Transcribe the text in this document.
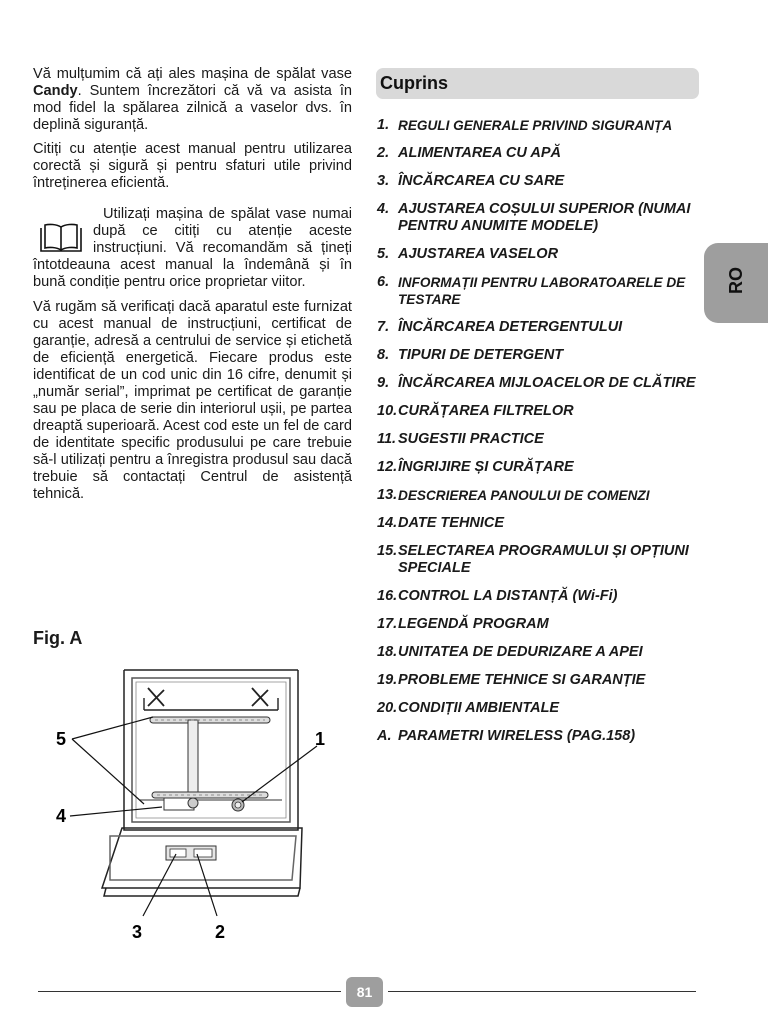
Vă mulțumim că ați ales mașina de spălat vase Candy. Suntem încrezători că vă va asista în mod fidel la spălarea zilnică a vaselor dvs. în deplină siguranță.

Citiți cu atenție acest manual pentru utilizarea corectă și sigură și pentru sfaturi utile privind întreținerea eficientă.

Utilizați mașina de spălat vase numai după ce citiți cu atenție aceste instrucțiuni. Vă recomandăm să țineți întotdeauna acest manual la îndemână și în bună condiție pentru orice proprietar viitor.

Vă rugăm să verificați dacă aparatul este furnizat cu acest manual de instrucțiuni, certificat de garanție, adresă a centrului de service și etichetă de eficiență energetică. Fiecare produs este identificat de un cod unic din 16 cifre, denumit și „număr serial”, imprimat pe certificat de garanție sau pe placa de serie din interiorul ușii, pe partea dreaptă superioară. Acest cod este un fel de card de identitate specific produsului pe care trebuie să-l utilizați pentru a înregistra produsul sau dacă trebuie să contactați Centrul de asistență tehnică.

Fig. A
1
2
3
4
5
Cuprins
1. REGULI GENERALE PRIVIND SIGURANȚA
2. ALIMENTAREA CU APĂ
3. ÎNCĂRCAREA CU SARE
4. AJUSTAREA COȘULUI SUPERIOR (NUMAI PENTRU ANUMITE MODELE)
5. AJUSTAREA VASELOR
6. INFORMAȚII PENTRU LABORATOARELE DE TESTARE
7. ÎNCĂRCAREA DETERGENTULUI
8. TIPURI DE DETERGENT
9. ÎNCĂRCAREA MIJLOACELOR DE CLĂTIRE
10. CURĂȚAREA FILTRELOR
11. SUGESTII PRACTICE
12. ÎNGRIJIRE ȘI CURĂȚARE
13. DESCRIEREA PANOULUI DE COMENZI
14. DATE TEHNICE
15. SELECTAREA PROGRAMULUI ȘI OPȚIUNI SPECIALE
16. CONTROL LA DISTANȚĂ (Wi-Fi)
17. LEGENDĂ PROGRAM
18. UNITATEA DE DEDURIZARE A APEI
19. PROBLEME TEHNICE SI GARANȚIE
20. CONDIȚII AMBIENTALE
A. PARAMETRI WIRELESS (PAG.158)
RO
81
